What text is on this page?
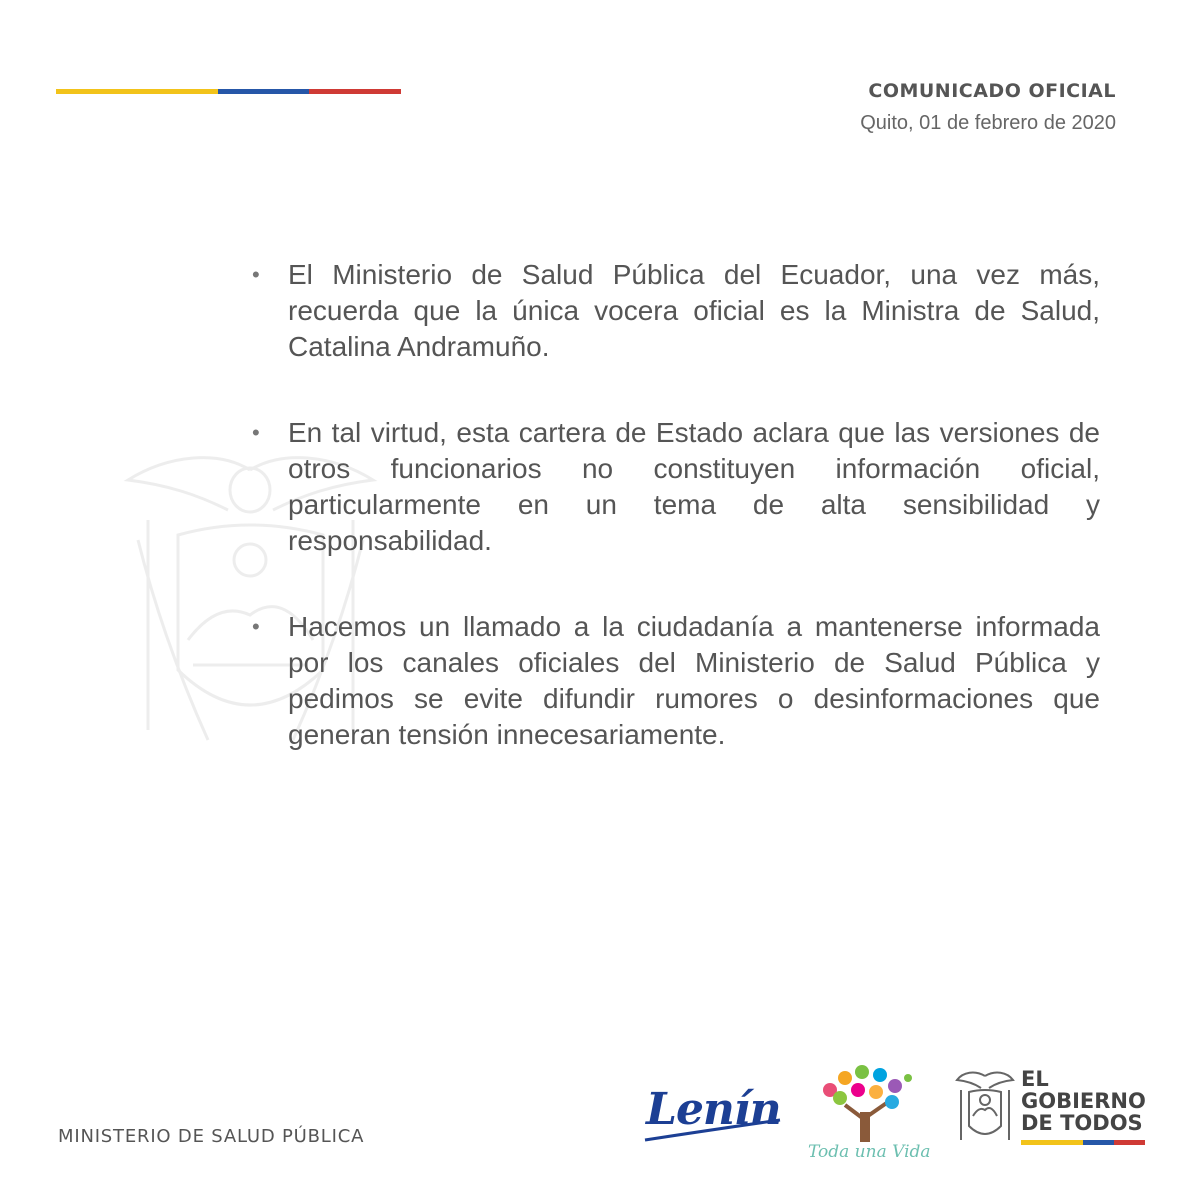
COMUNICADO OFICIAL
Quito, 01 de febrero de 2020
• El Ministerio de Salud Pública del Ecuador, una vez más, recuerda que la única vocera oficial es la Ministra de Salud, Catalina Andramuño.
• En tal virtud, esta cartera de Estado aclara que las versiones de otros funcionarios no constituyen información oficial, particularmente en un tema de alta sensibilidad y responsabilidad.
• Hacemos un llamado a la ciudadanía a mantenerse informada por los canales oficiales del Ministerio de Salud Pública y pedimos se evite difundir rumores o desinformaciones que generan tensión innecesariamente.
MINISTERIO DE SALUD PÚBLICA
Lenín
Toda una Vida
EL
GOBIERNO
DE TODOS
